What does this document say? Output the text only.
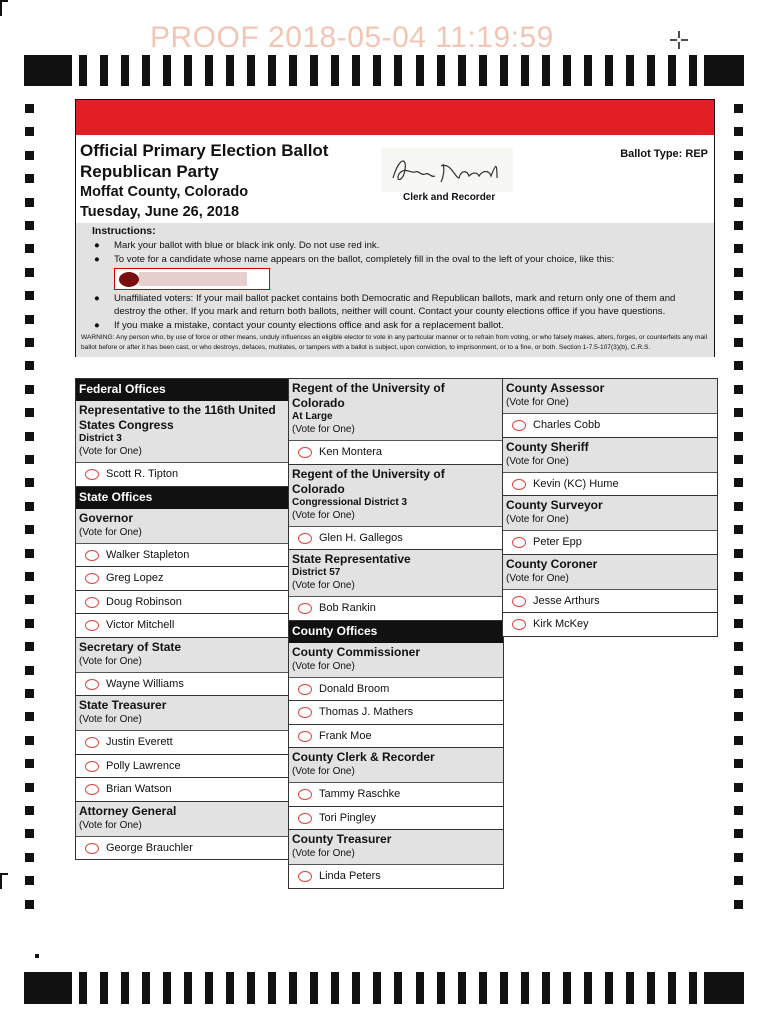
PROOF 2018-05-04 11:19:59
Official Primary Election Ballot
Republican Party
Moffat County, Colorado
Tuesday, June 26, 2018
Clerk and Recorder
Ballot Type: REP
Instructions:
● Mark your ballot with blue or black ink only. Do not use red ink.
● To vote for a candidate whose name appears on the ballot, completely fill in the oval to the left of your choice, like this:
● Unaffiliated voters: If your mail ballot packet contains both Democratic and Republican ballots, mark and return only one of them and destroy the other. If you mark and return both ballots, neither will count. Contact your county elections office if you have questions.
● If you make a mistake, contact your county elections office and ask for a replacement ballot.
WARNING: Any person who, by use of force or other means, unduly influences an eligible elector to vote in any particular manner or to refrain from voting, or who falsely makes, alters, forges, or counterfeits any mail ballot before or after it has been cast, or who destroys, defaces, mutilates, or tampers with a ballot is subject, upon conviction, to imprisonment, or to a fine, or both. Section 1-7.5-107(3)(b), C.R.S.
Federal Offices
Representative to the 116th United States Congress
District 3
(Vote for One)
Scott R. Tipton
State Offices
Governor
(Vote for One)
Walker Stapleton
Greg Lopez
Doug Robinson
Victor Mitchell
Secretary of State
(Vote for One)
Wayne Williams
State Treasurer
(Vote for One)
Justin Everett
Polly Lawrence
Brian Watson
Attorney General
(Vote for One)
George Brauchler
Regent of the University of Colorado
At Large
(Vote for One)
Ken Montera
Regent of the University of Colorado
Congressional District 3
(Vote for One)
Glen H. Gallegos
State Representative
District 57
(Vote for One)
Bob Rankin
County Offices
County Commissioner
(Vote for One)
Donald Broom
Thomas J. Mathers
Frank Moe
County Clerk & Recorder
(Vote for One)
Tammy Raschke
Tori Pingley
County Treasurer
(Vote for One)
Linda Peters
County Assessor
(Vote for One)
Charles Cobb
County Sheriff
(Vote for One)
Kevin (KC) Hume
County Surveyor
(Vote for One)
Peter Epp
County Coroner
(Vote for One)
Jesse Arthurs
Kirk McKey
